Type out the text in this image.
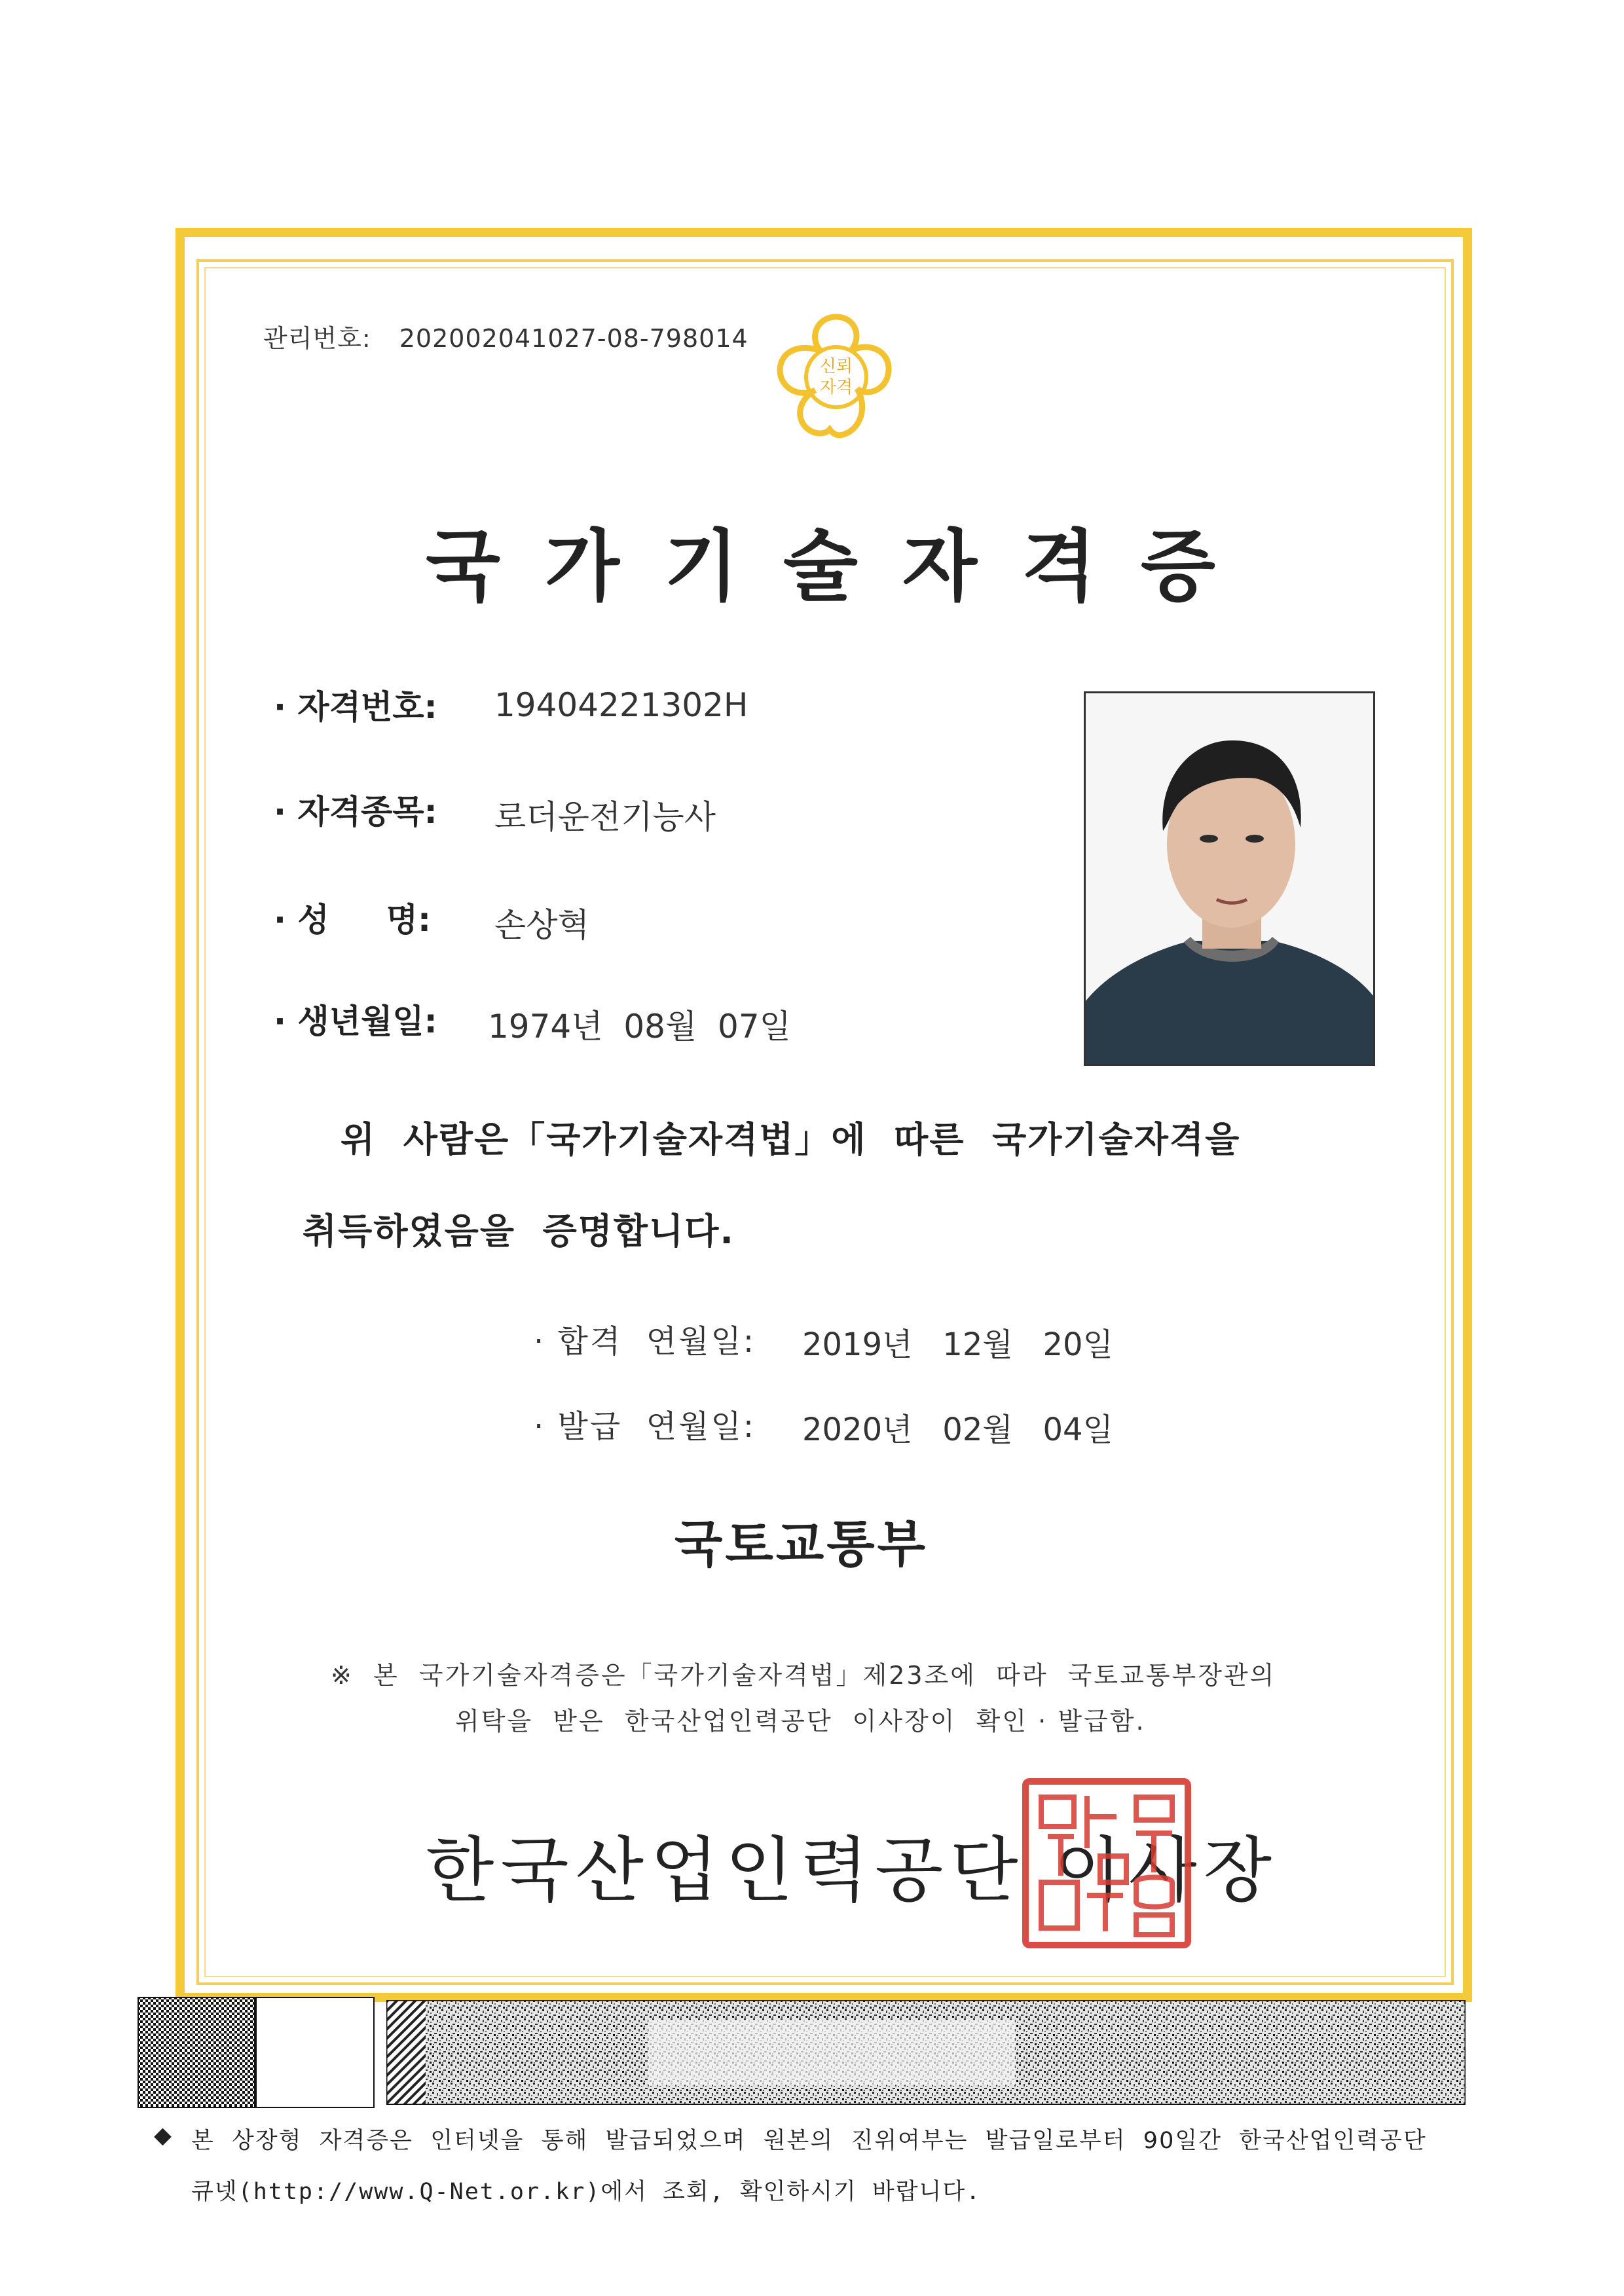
관리번호: 202002041027-08-798014
신뢰
자격
국가기술자격증
· 자격번호: 19404221302H
· 자격종목: 로더운전기능사
· 성     명: 손상혁
· 생년월일: 1974년  08월  07일
위  사람은「국가기술자격법」에  따른  국가기술자격을
취득하였음을  증명합니다.
· 합격  연월일: 2019년   12월   20일
· 발급  연월일: 2020년   02월   04일
국토교통부
※  본  국가기술자격증은「국가기술자격법」제23조에  따라  국토교통부장관의
위탁을  받은  한국산업인력공단  이사장이  확인 · 발급함.
한국산업인력공단 이사장
◆ 본  상장형  자격증은  인터넷을  통해  발급되었으며  원본의  진위여부는  발급일로부터  90일간  한국산업인력공단
큐넷(http://www.Q-Net.or.kr)에서 조회, 확인하시기 바랍니다.
